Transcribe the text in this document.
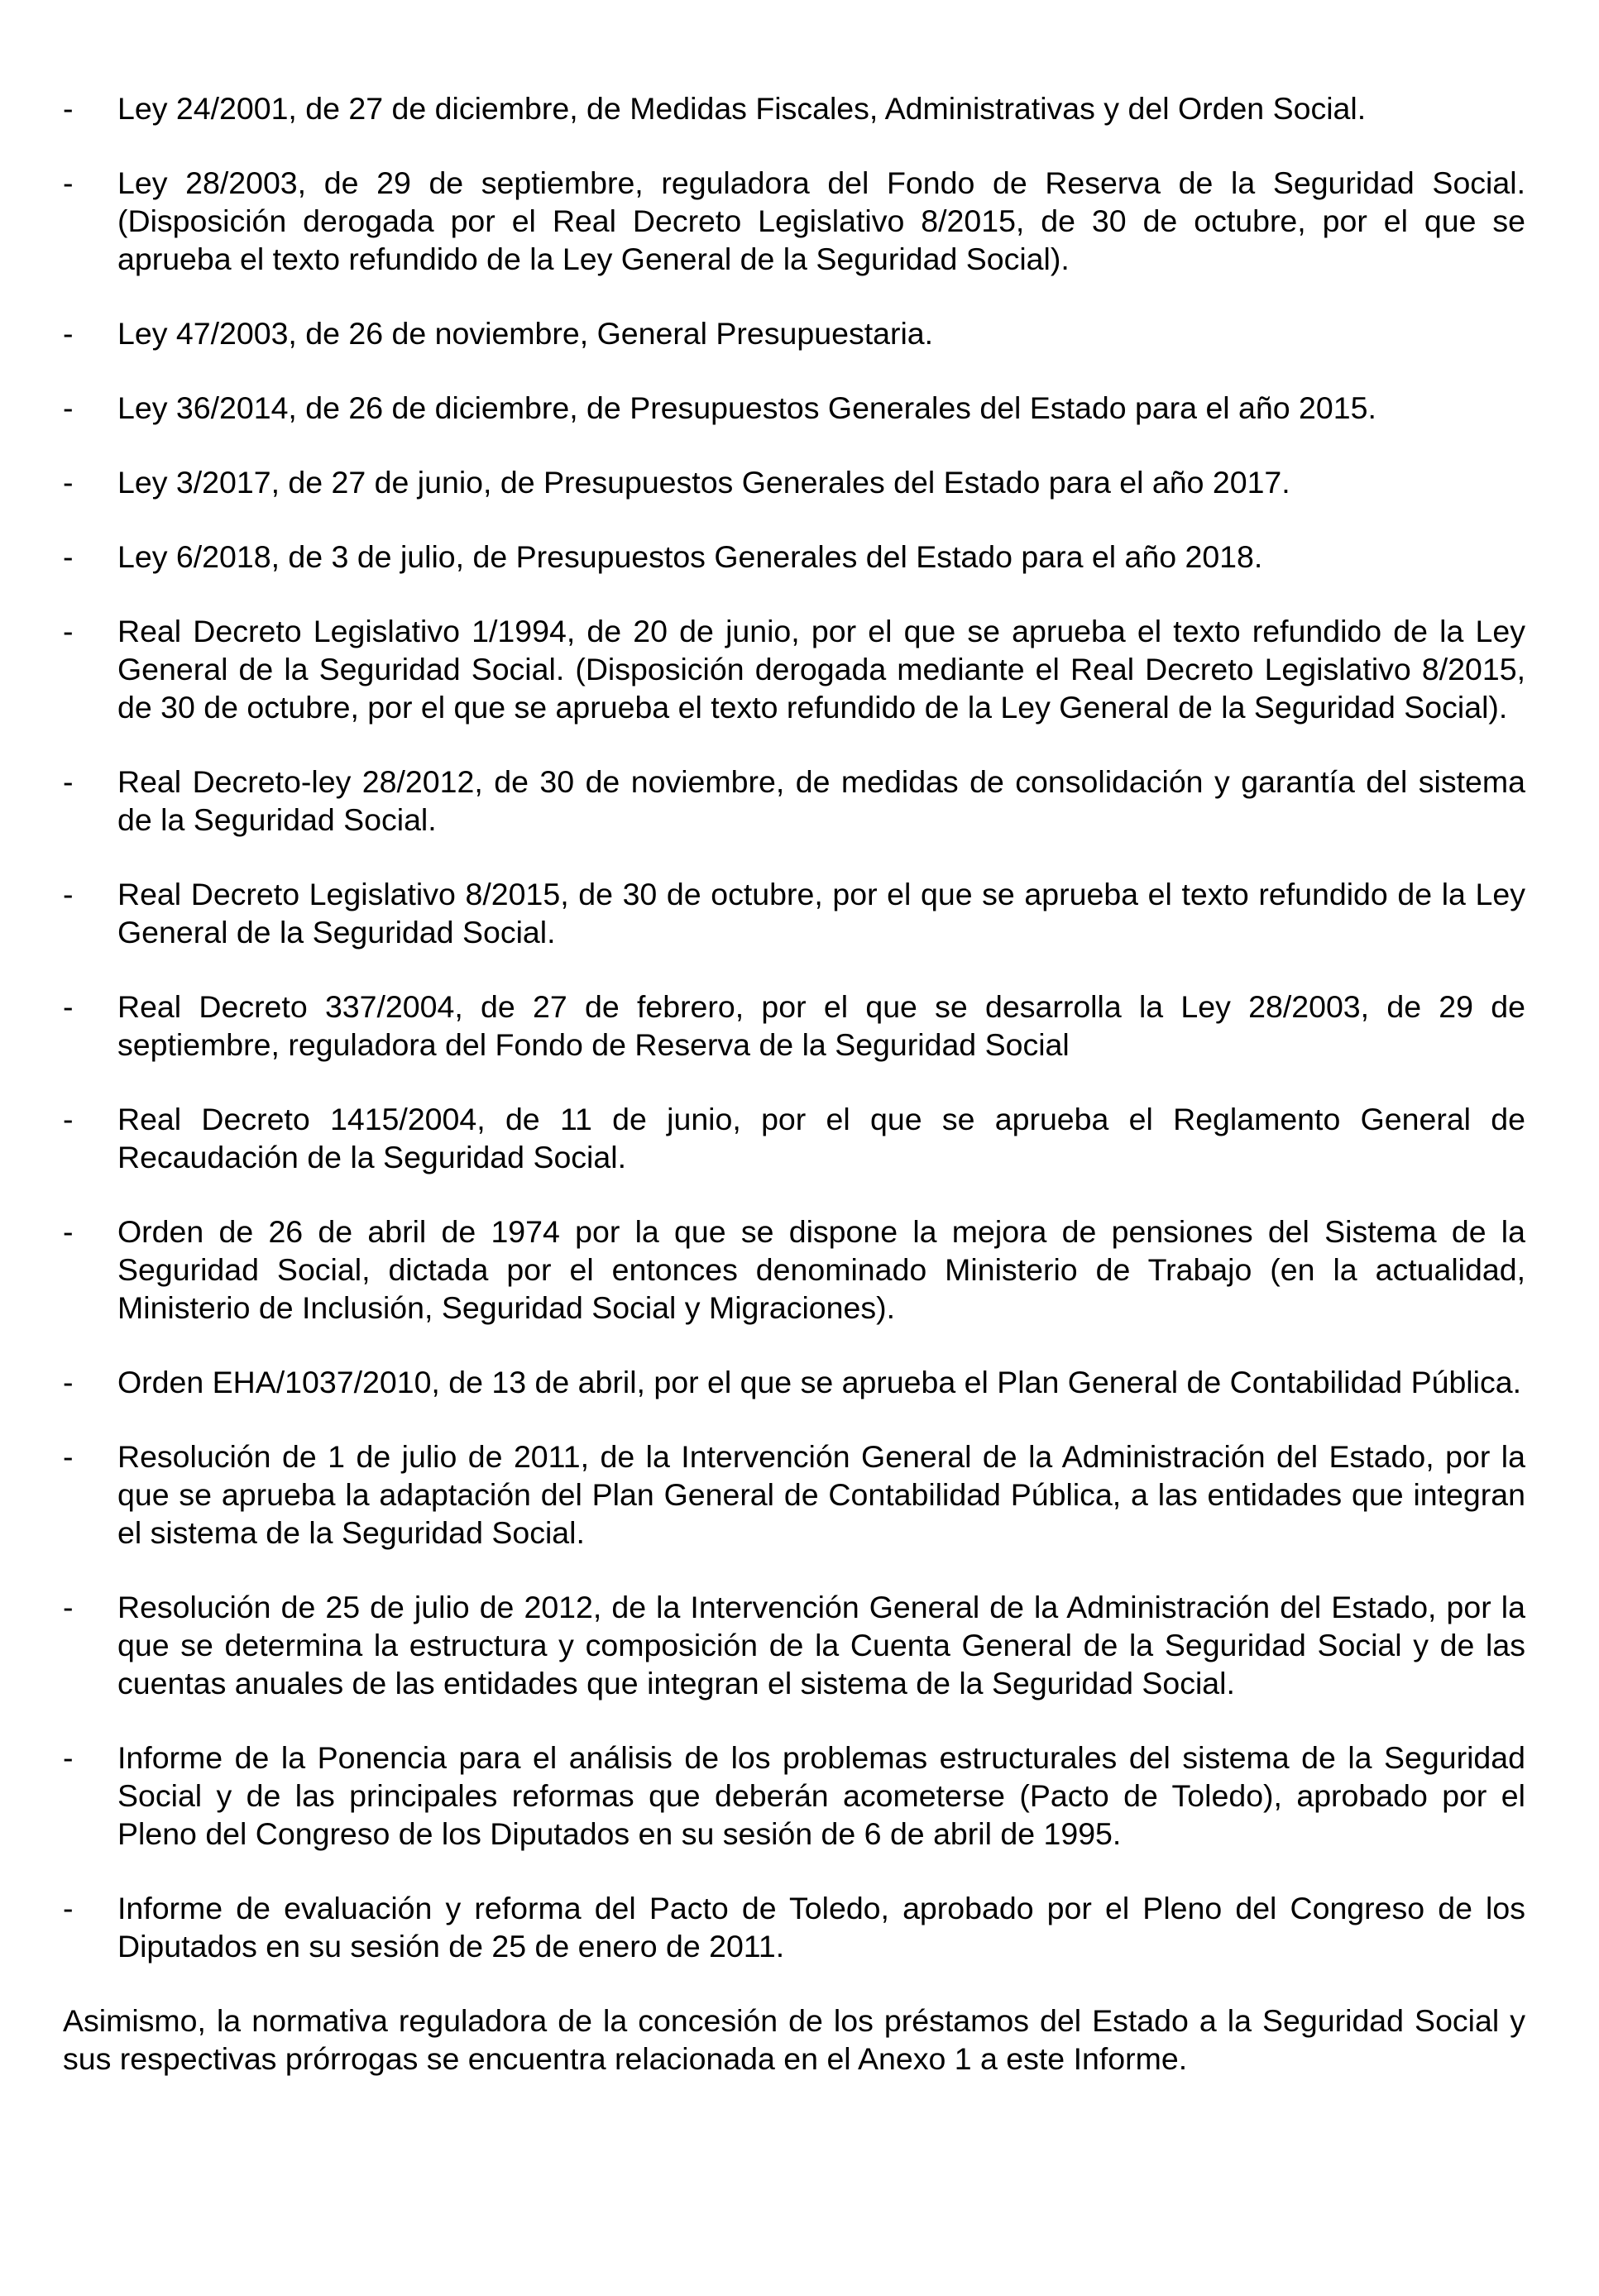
-	Ley 24/2001, de 27 de diciembre, de Medidas Fiscales, Administrativas y del Orden Social.
-	Ley 28/2003, de 29 de septiembre, reguladora del Fondo de Reserva de la Seguridad Social. (Disposición derogada por el Real Decreto Legislativo 8/2015, de 30 de octubre, por el que se aprueba el texto refundido de la Ley General de la Seguridad Social).
-	Ley 47/2003, de 26 de noviembre, General Presupuestaria.
-	Ley 36/2014, de 26 de diciembre, de Presupuestos Generales del Estado para el año 2015.
-	Ley 3/2017, de 27 de junio, de Presupuestos Generales del Estado para el año 2017.
-	Ley 6/2018, de 3 de julio, de Presupuestos Generales del Estado para el año 2018.
-	Real Decreto Legislativo 1/1994, de 20 de junio, por el que se aprueba el texto refundido de la Ley General de la Seguridad Social. (Disposición derogada mediante el Real Decreto Legislativo 8/2015, de 30 de octubre, por el que se aprueba el texto refundido de la Ley General de la Seguridad Social).
-	Real Decreto-ley 28/2012, de 30 de noviembre, de medidas de consolidación y garantía del sistema de la Seguridad Social.
-	Real Decreto Legislativo 8/2015, de 30 de octubre, por el que se aprueba el texto refundido de la Ley General de la Seguridad Social.
-	Real Decreto 337/2004, de 27 de febrero, por el que se desarrolla la Ley 28/2003, de 29 de septiembre, reguladora del Fondo de Reserva de la Seguridad Social
-	Real Decreto 1415/2004, de 11 de junio, por el que se aprueba el Reglamento General de Recaudación de la Seguridad Social.
-	Orden de 26 de abril de 1974 por la que se dispone la mejora de pensiones del Sistema de la Seguridad Social, dictada por el entonces denominado Ministerio de Trabajo (en la actualidad, Ministerio de Inclusión, Seguridad Social y Migraciones).
-	Orden EHA/1037/2010, de 13 de abril, por el que se aprueba el Plan General de Contabilidad Pública.
-	Resolución de 1 de julio de 2011, de la Intervención General de la Administración del Estado, por la que se aprueba la adaptación del Plan General de Contabilidad Pública, a las entidades que integran el sistema de la Seguridad Social.
-	Resolución de 25 de julio de 2012, de la Intervención General de la Administración del Estado, por la que se determina la estructura y composición de la Cuenta General de la Seguridad Social y de las cuentas anuales de las entidades que integran el sistema de la Seguridad Social.
-	Informe de la Ponencia para el análisis de los problemas estructurales del sistema de la Seguridad Social y de las principales reformas que deberán acometerse (Pacto de Toledo), aprobado por el Pleno del Congreso de los Diputados en su sesión de 6 de abril de 1995.
-	Informe de evaluación y reforma del Pacto de Toledo, aprobado por el Pleno del Congreso de los Diputados en su sesión de 25 de enero de 2011.

Asimismo, la normativa reguladora de la concesión de los préstamos del Estado a la Seguridad Social y sus respectivas prórrogas se encuentra relacionada en el Anexo 1 a este Informe.
